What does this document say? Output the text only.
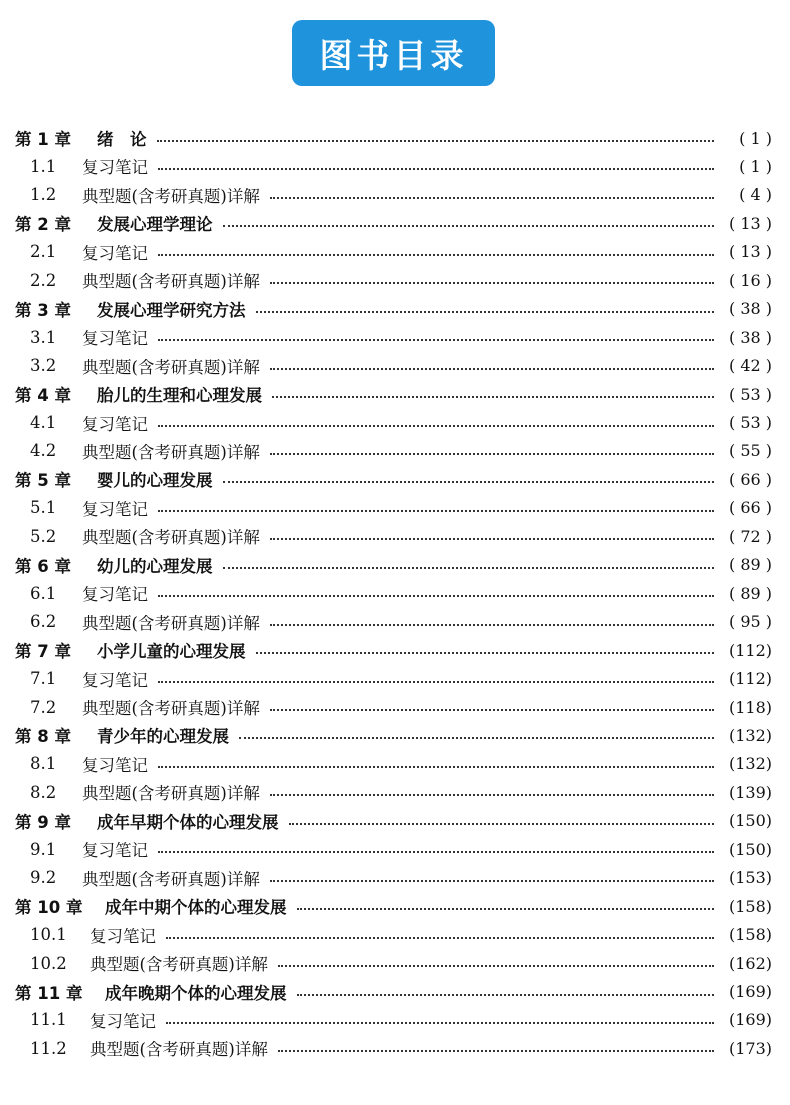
图书目录
第 1 章	绪　论	( 1 )
1.1	复习笔记	( 1 )
1.2	典型题(含考研真题)详解	( 4 )
第 2 章	发展心理学理论	( 13 )
2.1	复习笔记	( 13 )
2.2	典型题(含考研真题)详解	( 16 )
第 3 章	发展心理学研究方法	( 38 )
3.1	复习笔记	( 38 )
3.2	典型题(含考研真题)详解	( 42 )
第 4 章	胎儿的生理和心理发展	( 53 )
4.1	复习笔记	( 53 )
4.2	典型题(含考研真题)详解	( 55 )
第 5 章	婴儿的心理发展	( 66 )
5.1	复习笔记	( 66 )
5.2	典型题(含考研真题)详解	( 72 )
第 6 章	幼儿的心理发展	( 89 )
6.1	复习笔记	( 89 )
6.2	典型题(含考研真题)详解	( 95 )
第 7 章	小学儿童的心理发展	(112)
7.1	复习笔记	(112)
7.2	典型题(含考研真题)详解	(118)
第 8 章	青少年的心理发展	(132)
8.1	复习笔记	(132)
8.2	典型题(含考研真题)详解	(139)
第 9 章	成年早期个体的心理发展	(150)
9.1	复习笔记	(150)
9.2	典型题(含考研真题)详解	(153)
第 10 章	成年中期个体的心理发展	(158)
10.1	复习笔记	(158)
10.2	典型题(含考研真题)详解	(162)
第 11 章	成年晚期个体的心理发展	(169)
11.1	复习笔记	(169)
11.2	典型题(含考研真题)详解	(173)
